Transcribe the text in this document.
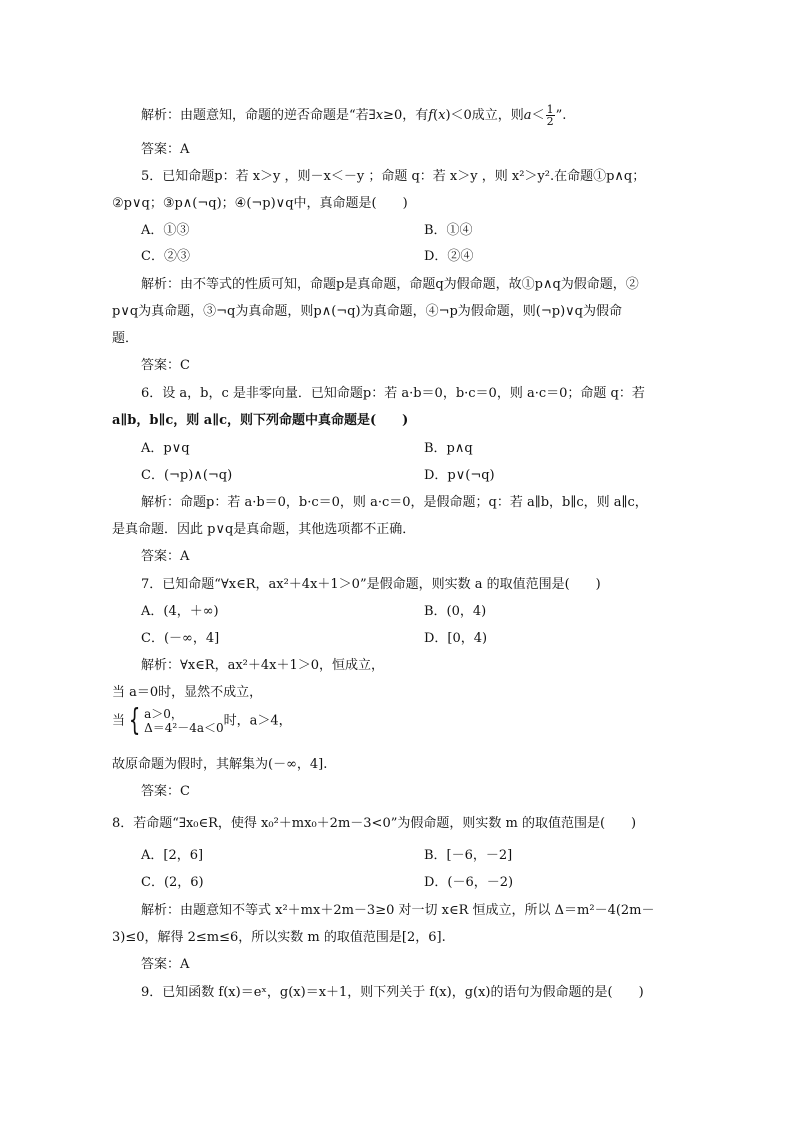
解析：由题意知，命题的逆否命题是“若∃x≥0，有f(x)＜0成立，则$a< \frac{1}{2}$ ”.
答案：A
5．已知命题p：若 x＞y ，则－x＜－y ；命题 q：若 x＞y ，则 x²＞y².在命题①p∧q；
②p∨q；③p∧(¬q)；④(¬p)∨q中，真命题是(　　)
A．①③	B．①④
C．②③	D．②④
解析：由不等式的性质可知，命题p是真命题，命题q为假命题，故①p∧q为假命题，②
p∨q为真命题，③¬q为真命题，则p∧(¬q)为真命题，④¬p为假命题，则(¬p)∨q为假命
题．
答案：C
6．设 a，b，c 是非零向量．已知命题p：若 a·b＝0，b·c＝0，则 a·c＝0；命题 q：若
a∥b，b∥c，则 a∥c，则下列命题中真命题是(　　)
A．p∨q	B．p∧q
C．(¬p)∧(¬q)	D．p∨(¬q)
解析：命题p：若 a·b＝0，b·c＝0，则 a·c＝0，是假命题；q：若 a∥b，b∥c，则 a∥c，
是真命题．因此 p∨q是真命题，其他选项都不正确．
答案：A
7．已知命题“∀x∈R，ax²＋4x＋1＞0”是假命题，则实数 a 的取值范围是(　　)
A．(4，＋∞)	B．(0，4)
C．(－∞，4]	D．[0，4)
解析：∀x∈R，ax²＋4x＋1＞0，恒成立，
当 a＝0时，显然不成立，
当 { a＞0，
Δ＝4²－4a＜0 时，a＞4，
故原命题为假时，其解集为(－∞，4].
答案：C
8．若命题“∃x₀∈R，使得 x₀²＋mx₀＋2m－3<0”为假命题，则实数 m 的取值范围是(　　)
A．[2，6]	B．[－6，－2]
C．(2，6)	D．(－6，－2)
解析：由题意知不等式 x²＋mx＋2m－3≥0 对一切 x∈R 恒成立，所以 Δ＝m²－4(2m－
3)≤0，解得 2≤m≤6，所以实数 m 的取值范围是[2，6].
答案：A
9．已知函数 f(x)＝eˣ，g(x)＝x＋1，则下列关于 f(x)，g(x)的语句为假命题的是(　　)
